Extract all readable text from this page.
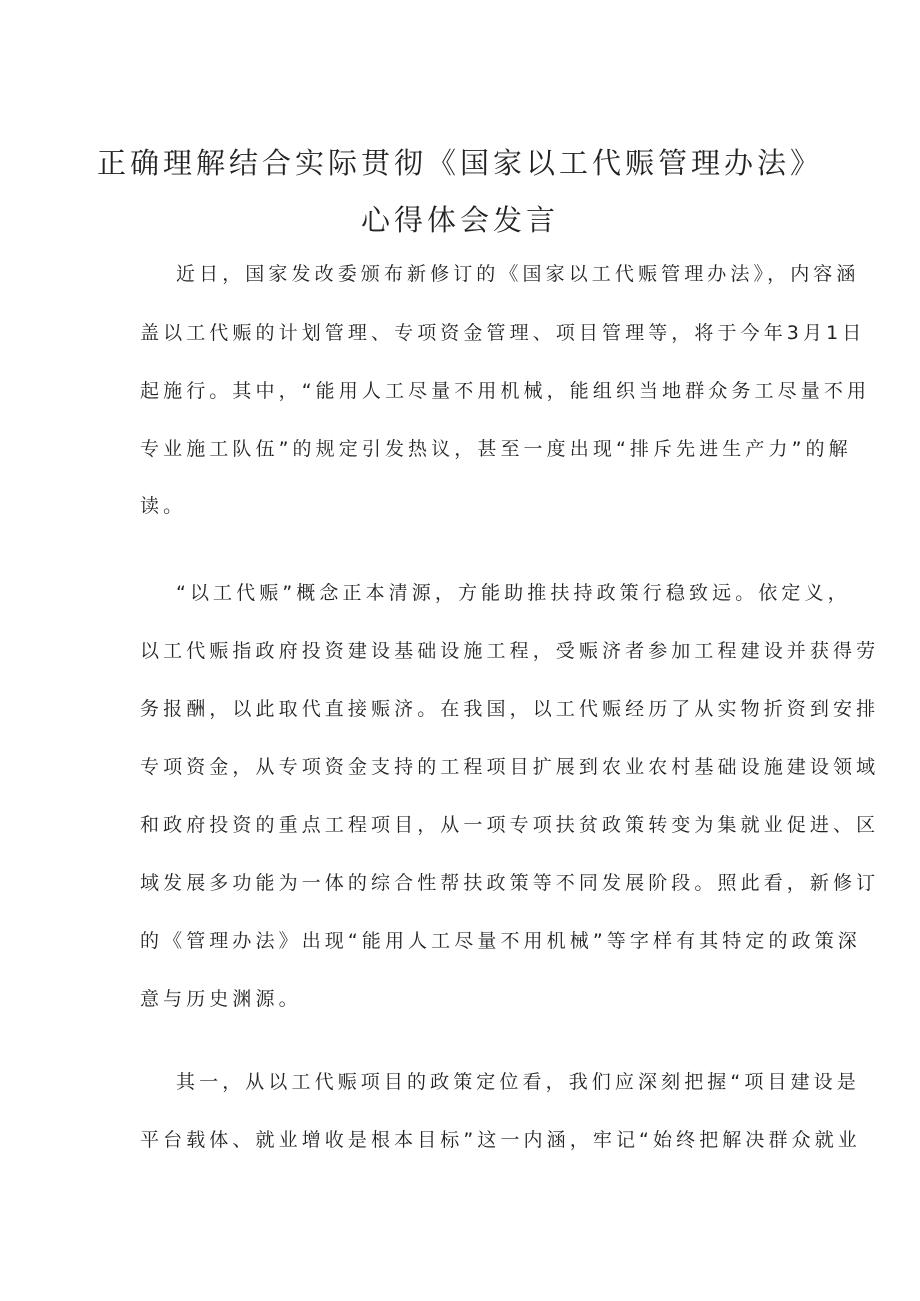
正确理解结合实际贯彻《国家以工代赈管理办法》
心得体会发言
近日，国家发改委颁布新修订的《国家以工代赈管理办法》，内容涵
盖以工代赈的计划管理、专项资金管理、项目管理等，将于今年3月1日
起施行。其中，“能用人工尽量不用机械，能组织当地群众务工尽量不用
专业施工队伍”的规定引发热议，甚至一度出现“排斥先进生产力”的解
读。
“以工代赈”概念正本清源，方能助推扶持政策行稳致远。依定义，
以工代赈指政府投资建设基础设施工程，受赈济者参加工程建设并获得劳
务报酬，以此取代直接赈济。在我国，以工代赈经历了从实物折资到安排
专项资金，从专项资金支持的工程项目扩展到农业农村基础设施建设领域
和政府投资的重点工程项目，从一项专项扶贫政策转变为集就业促进、区
域发展多功能为一体的综合性帮扶政策等不同发展阶段。照此看，新修订
的《管理办法》出现“能用人工尽量不用机械”等字样有其特定的政策深
意与历史渊源。
其一，从以工代赈项目的政策定位看，我们应深刻把握“项目建设是
平台载体、就业增收是根本目标”这一内涵，牢记“始终把解决群众就业
